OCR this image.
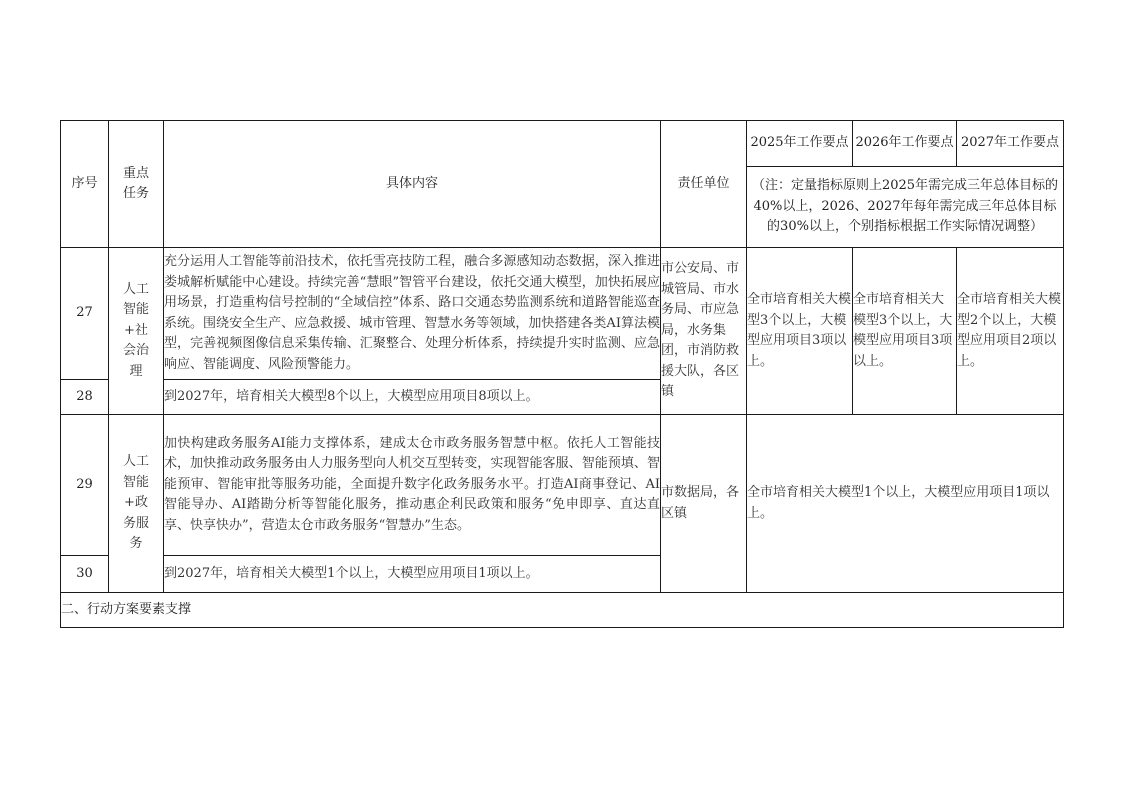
序号	重点任务	具体内容	责任单位	2025年工作要点	2026年工作要点	2027年工作要点
				（注：定量指标原则上2025年需完成三年总体目标的40%以上，2026、2027年每年需完成三年总体目标的30%以上，个别指标根据工作实际情况调整）		
27	人工智能+社会治理	充分运用人工智能等前沿技术，依托雪亮技防工程，融合多源感知动态数据，深入推进娄城解析赋能中心建设。持续完善“慧眼”智管平台建设，依托交通大模型，加快拓展应用场景，打造重构信号控制的“全域信控”体系、路口交通态势监测系统和道路智能巡查系统。围绕安全生产、应急救援、城市管理、智慧水务等领域，加快搭建各类AI算法模型，完善视频图像信息采集传输、汇聚整合、处理分析体系，持续提升实时监测、应急响应、智能调度、风险预警能力。	市公安局、市城管局、市水务局、市应急局，水务集团，市消防救援大队，各区镇	全市培育相关大模型3个以上，大模型应用项目3项以上。	全市培育相关大模型3个以上，大模型应用项目3项以上。	全市培育相关大模型2个以上，大模型应用项目2项以上。
28		到2027年，培育相关大模型8个以上，大模型应用项目8项以上。				
29	人工智能+政务服务	加快构建政务服务AI能力支撑体系，建成太仓市政务服务智慧中枢。依托人工智能技术，加快推动政务服务由人力服务型向人机交互型转变，实现智能客服、智能预填、智能预审、智能审批等服务功能，全面提升数字化政务服务水平。打造AI商事登记、AI智能导办、AI踏勘分析等智能化服务，推动惠企利民政策和服务“免申即享、直达直享、快享快办”，营造太仓市政务服务“智慧办”生态。	市数据局，各区镇	全市培育相关大模型1个以上，大模型应用项目1项以上。		
30		到2027年，培育相关大模型1个以上，大模型应用项目1项以上。				
二、行动方案要素支撑						
